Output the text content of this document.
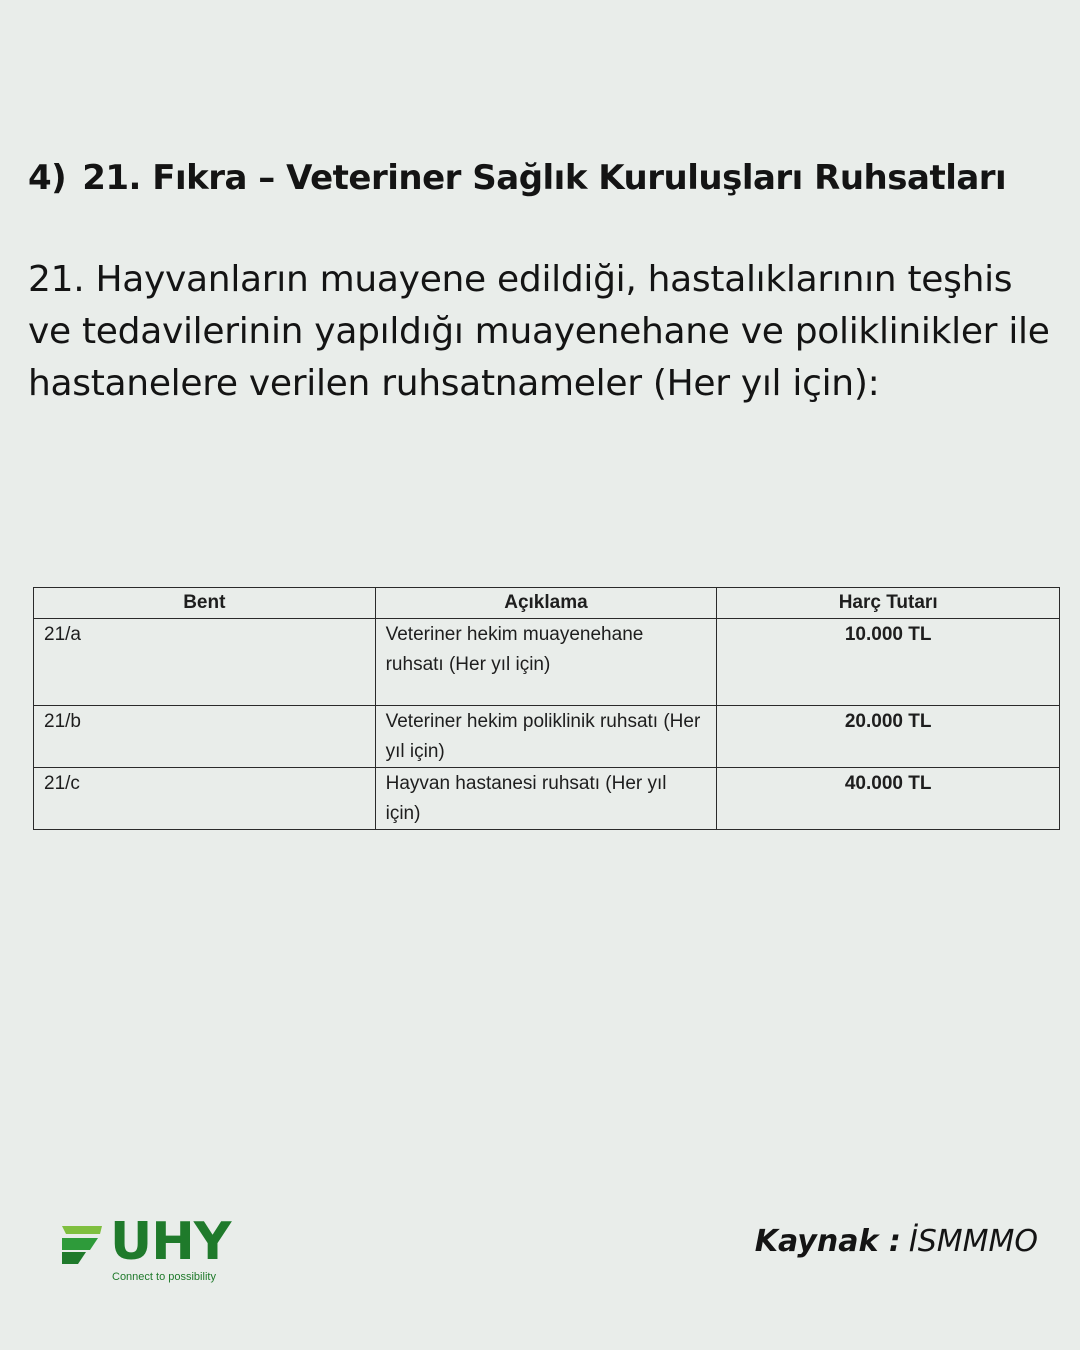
4) 21. Fıkra – Veteriner Sağlık Kuruluşları Ruhsatları

21. Hayvanların muayene edildiği, hastalıklarının teşhis ve tedavilerinin yapıldığı muayenehane ve poliklinikler ile hastanelere verilen ruhsatnameler (Her yıl için):

Bent	Açıklama	Harç Tutarı
21/a	Veteriner hekim muayenehane ruhsatı (Her yıl için)	10.000 TL
21/b	Veteriner hekim poliklinik ruhsatı (Her yıl için)	20.000 TL
21/c	Hayvan hastanesi ruhsatı (Her yıl için)	40.000 TL
UHY
Connect to possibility
Kaynak : İSMMMO
